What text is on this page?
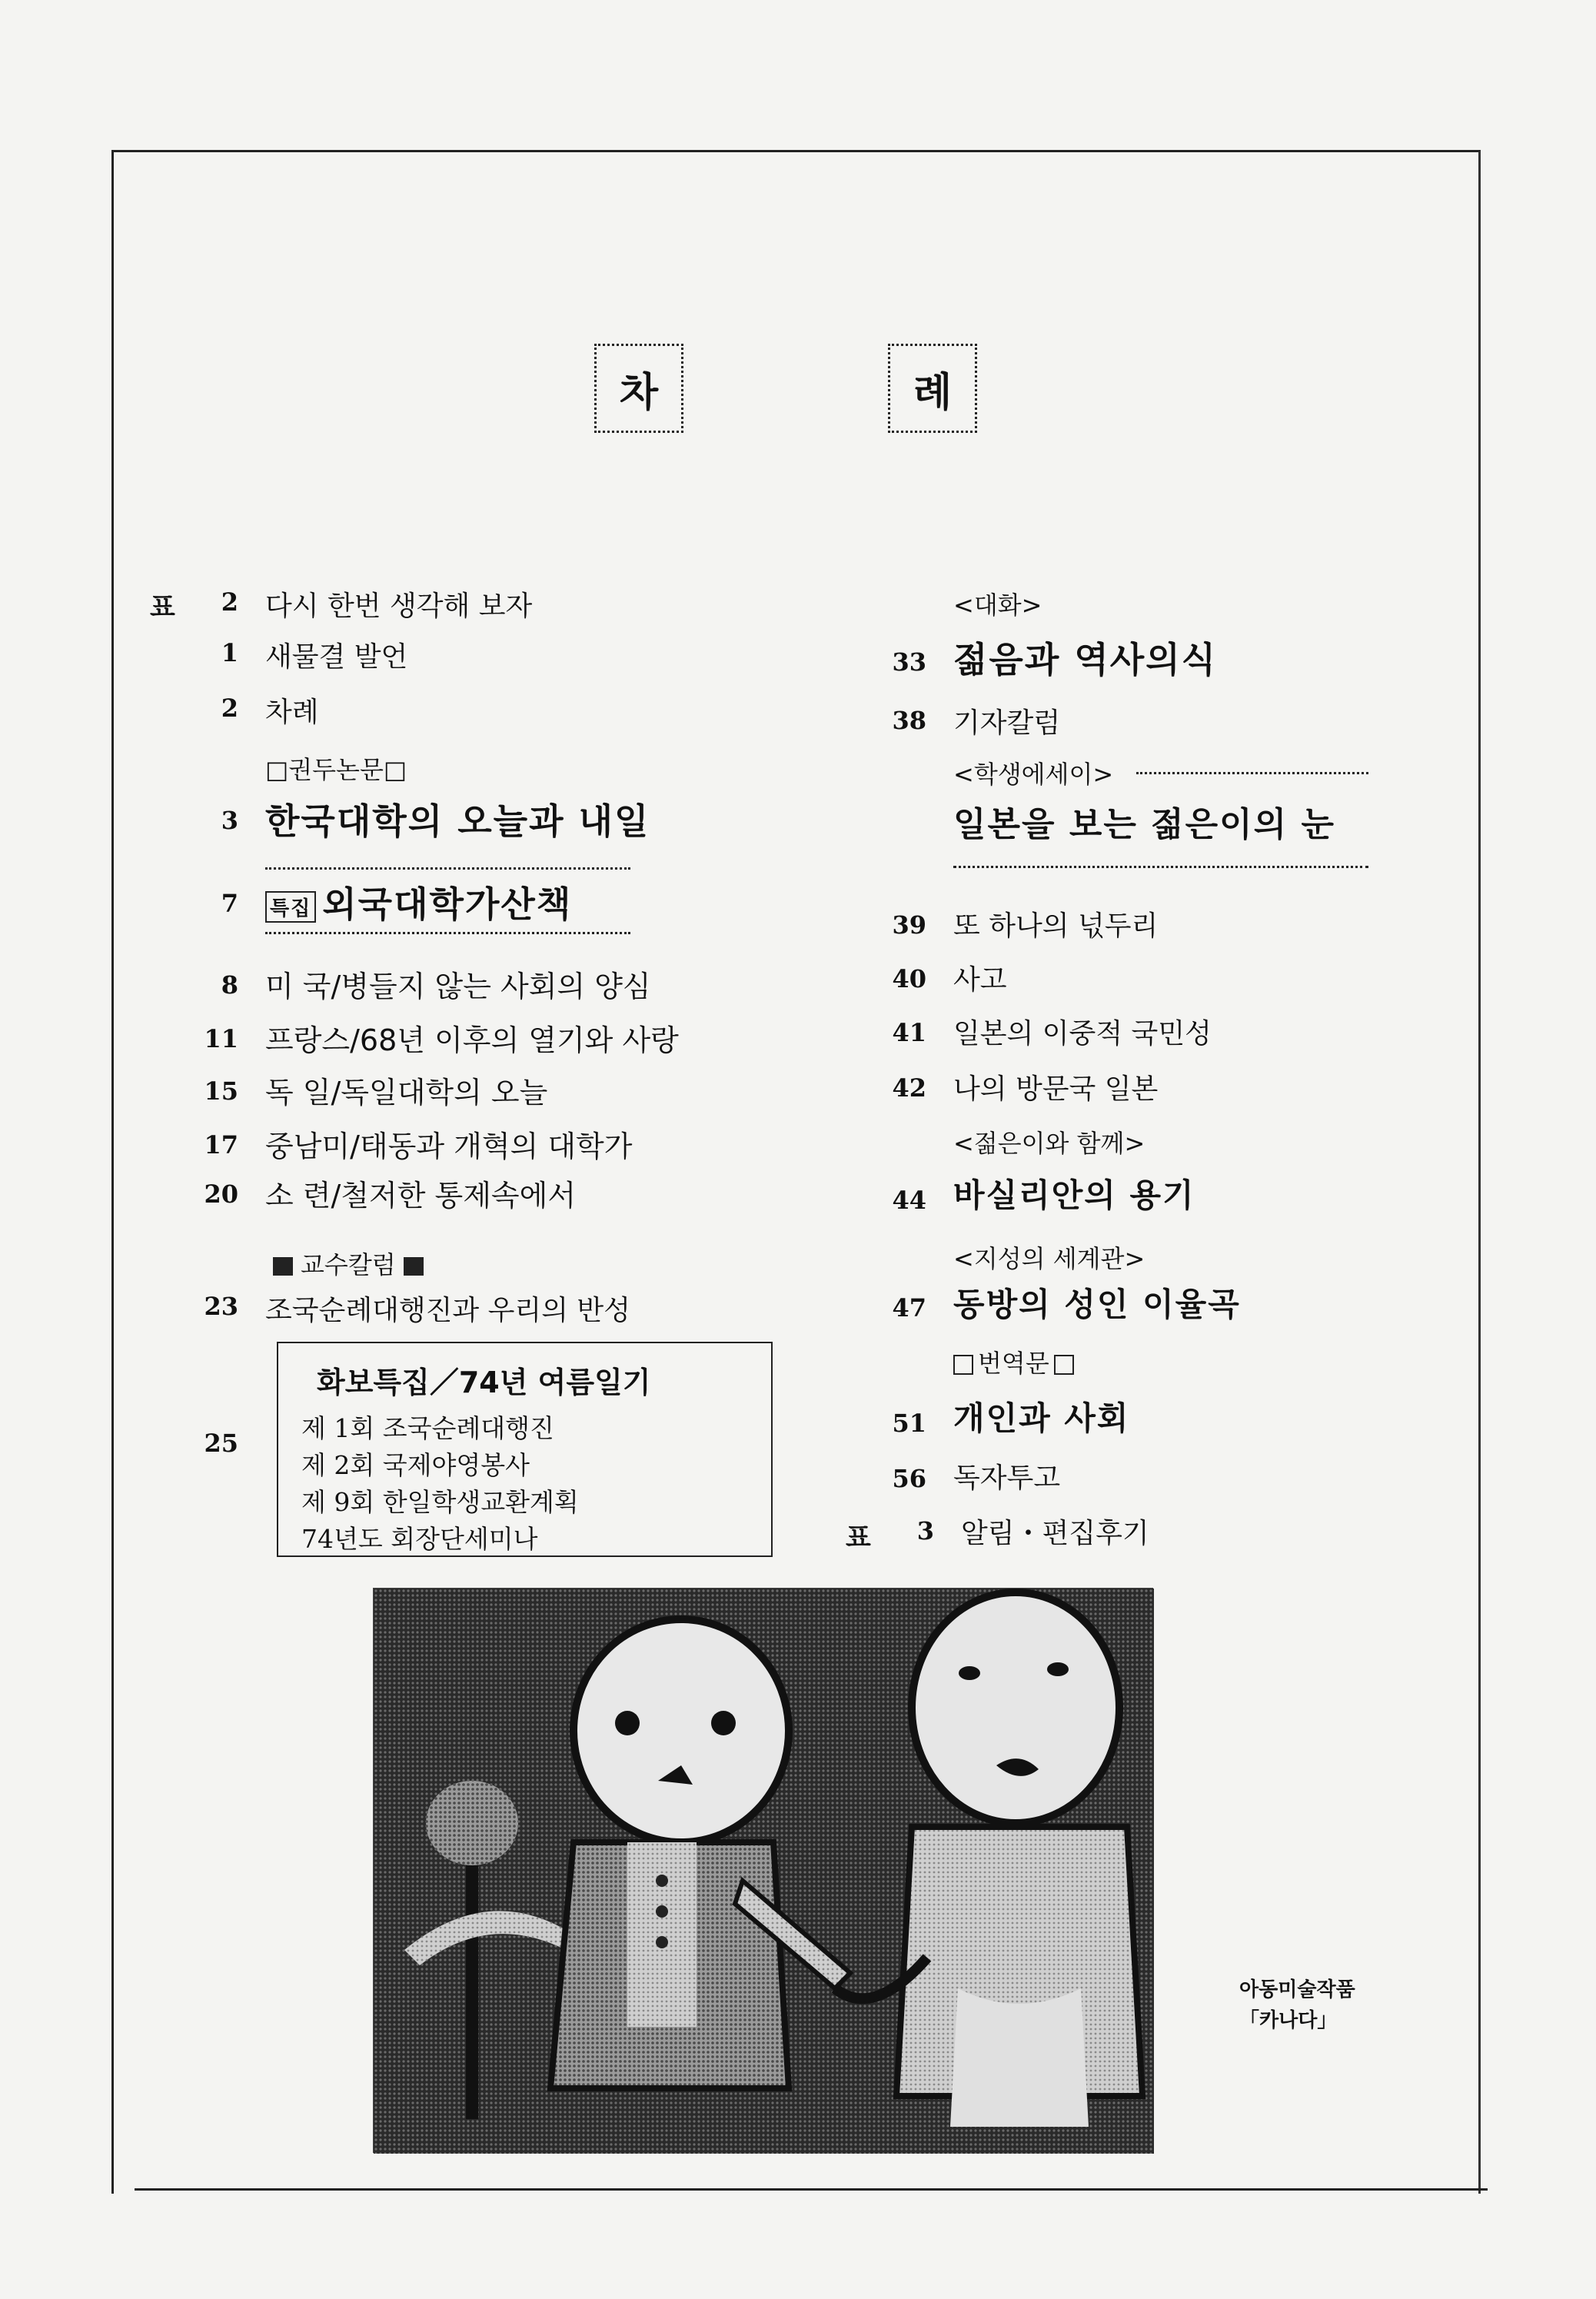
차	례
표	2 다시 한번 생각해 보자
1 새물결 발언
2 차례
□권두논문□
3 한국대학의 오늘과 내일
7 특집 외국대학가산책
8 미 국/병들지 않는 사회의 양심
11 프랑스/68년 이후의 열기와 사랑
15 독 일/독일대학의 오늘
17 중남미/태동과 개혁의 대학가
20 소 련/철저한 통제속에서
교수칼럼
23 조국순례대행진과 우리의 반성
25
화보특집／74년 여름일기
제 1회 조국순례대행진
제 2회 국제야영봉사
제 9회 한일학생교환계획
74년도 회장단세미나
<대화>
33 젊음과 역사의식
38 기자칼럼
<학생에세이>
일본을 보는 젊은이의 눈
39 또 하나의 넋두리
40 사고
41 일본의 이중적 국민성
42 나의 방문국 일본
<젊은이와 함께>
44 바실리안의 용기
<지성의 세계관>
47 동방의 성인 이율곡
번역문
51 개인과 사회
56 독자투고
표	3 알림・편집후기
아동미술작품
「카나다」
